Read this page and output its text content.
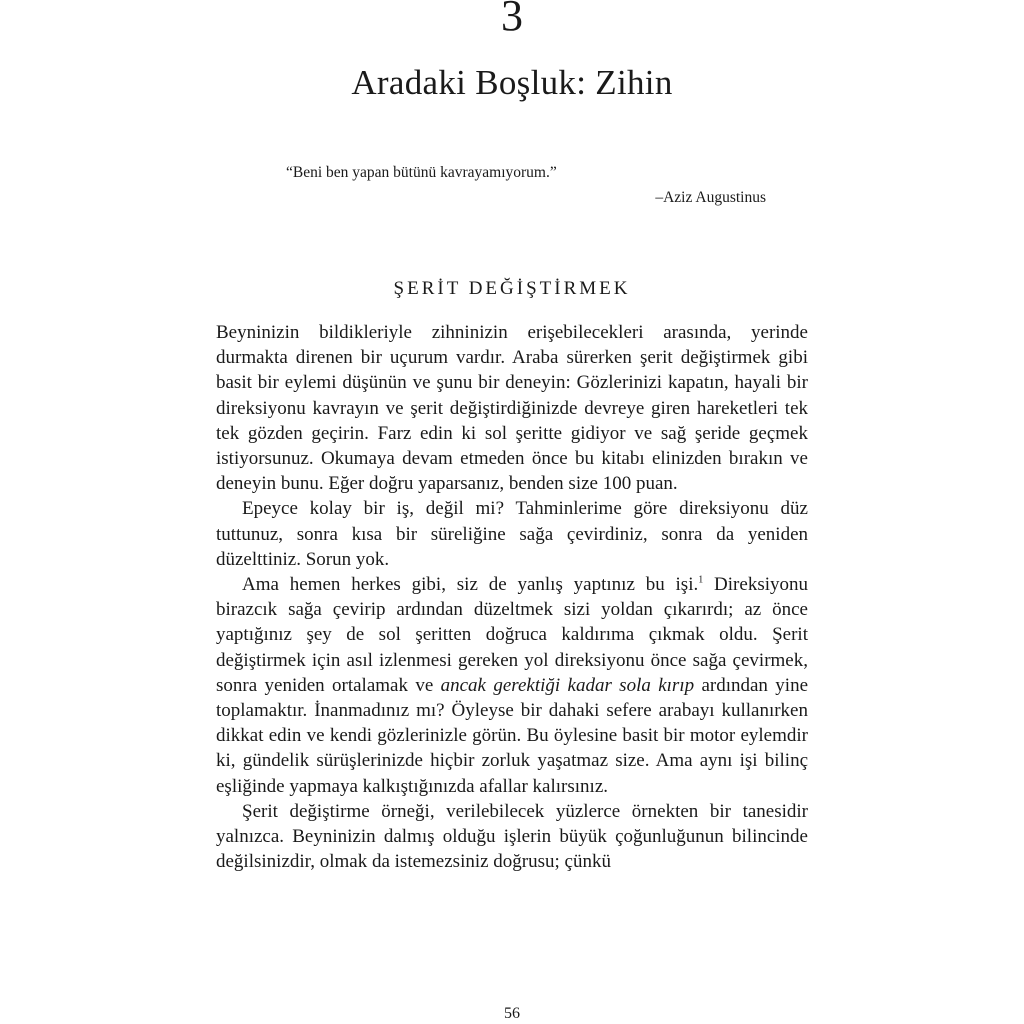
3
Aradaki Boşluk: Zihin
“Beni ben yapan bütünü kavrayamıyorum.”
–Aziz Augustinus
ŞERİT DEĞİŞTİRMEK

Beyninizin bildikleriyle zihninizin erişebilecekleri arasında, yerinde durmakta direnen bir uçurum vardır. Araba sürerken şerit değiştirmek gibi basit bir eylemi düşünün ve şunu bir deneyin: Gözlerinizi kapatın, hayali bir direksiyonu kavrayın ve şerit değiştirdiğinizde devreye giren hareketleri tek tek gözden geçirin. Farz edin ki sol şeritte gidiyor ve sağ şeride geçmek istiyorsunuz. Okumaya devam etmeden önce bu kitabı elinizden bırakın ve deneyin bunu. Eğer doğru yaparsanız, benden size 100 puan.

Epeyce kolay bir iş, değil mi? Tahminlerime göre direksiyonu düz tuttunuz, sonra kısa bir süreliğine sağa çevirdiniz, sonra da yeniden düzelttiniz. Sorun yok.

Ama hemen herkes gibi, siz de yanlış yaptınız bu işi.$^1$ Direksiyonu birazcık sağa çevirip ardından düzeltmek sizi yoldan çıkarırdı; az önce yaptığınız şey de sol şeritten doğruca kaldırıma çıkmak oldu. Şerit değiştirmek için asıl izlenmesi gereken yol direksiyonu önce sağa çevirmek, sonra yeniden ortalamak ve ancak gerektiği kadar sola kırıp ardından yine toplamaktır. İnanmadınız mı? Öyleyse bir dahaki sefere arabayı kullanırken dikkat edin ve kendi gözlerinizle görün. Bu öylesine basit bir motor eylemdir ki, gündelik sürüşlerinizde hiçbir zorluk yaşatmaz size. Ama aynı işi bilinç eşliğinde yapmaya kalkıştığınızda afallar kalırsınız.

Şerit değiştirme örneği, verilebilecek yüzlerce örnekten bir tanesidir yalnızca. Beyninizin dalmış olduğu işlerin büyük çoğunluğunun bilincinde değilsinizdir, olmak da istemezsiniz doğrusu; çünkü

56
